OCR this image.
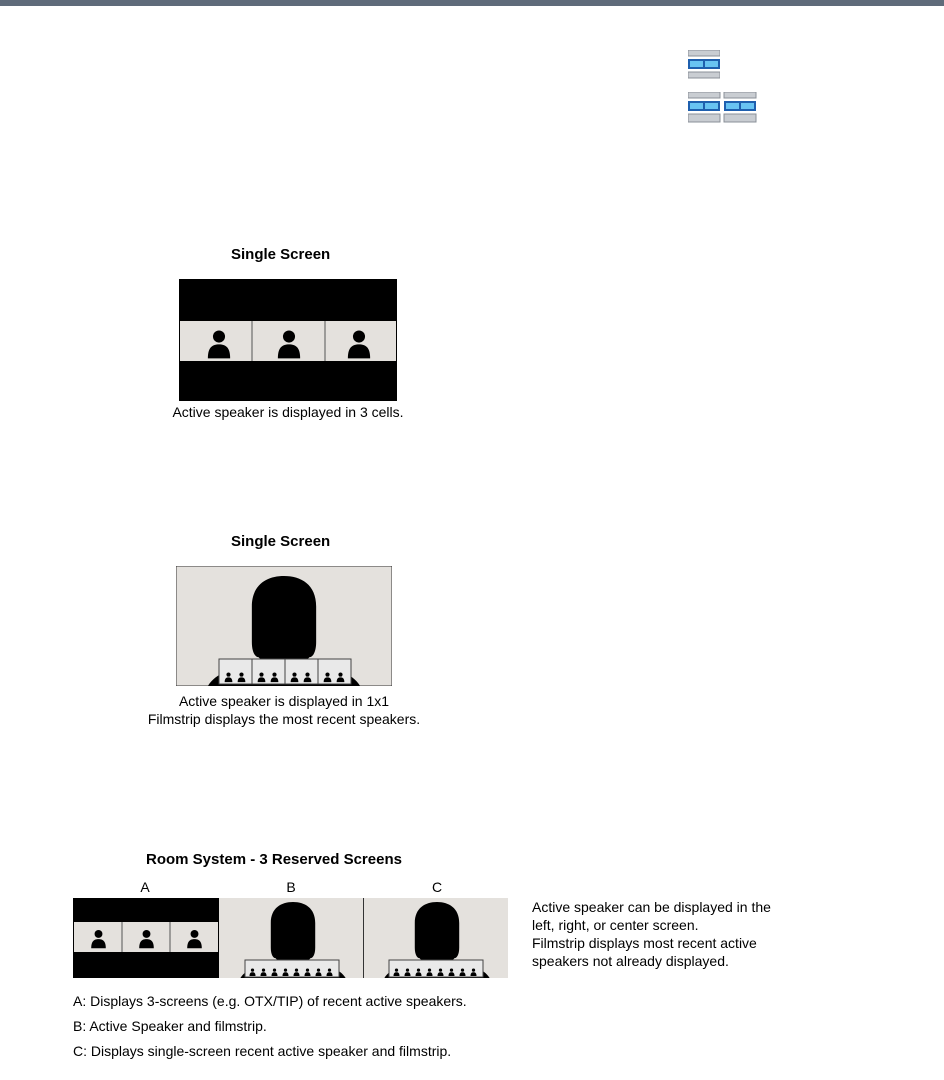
Single Screen
Active speaker is displayed in 3 cells.
Single Screen
Active speaker is displayed in 1x1
Filmstrip displays the most recent speakers.
Room System - 3 Reserved Screens
A	B	C
Active speaker can be displayed in the
left, right, or center screen.
Filmstrip displays most recent active
speakers not already displayed.
A: Displays 3-screens (e.g. OTX/TIP) of recent active speakers.
B: Active Speaker and filmstrip.
C: Displays single-screen recent active speaker and filmstrip.
